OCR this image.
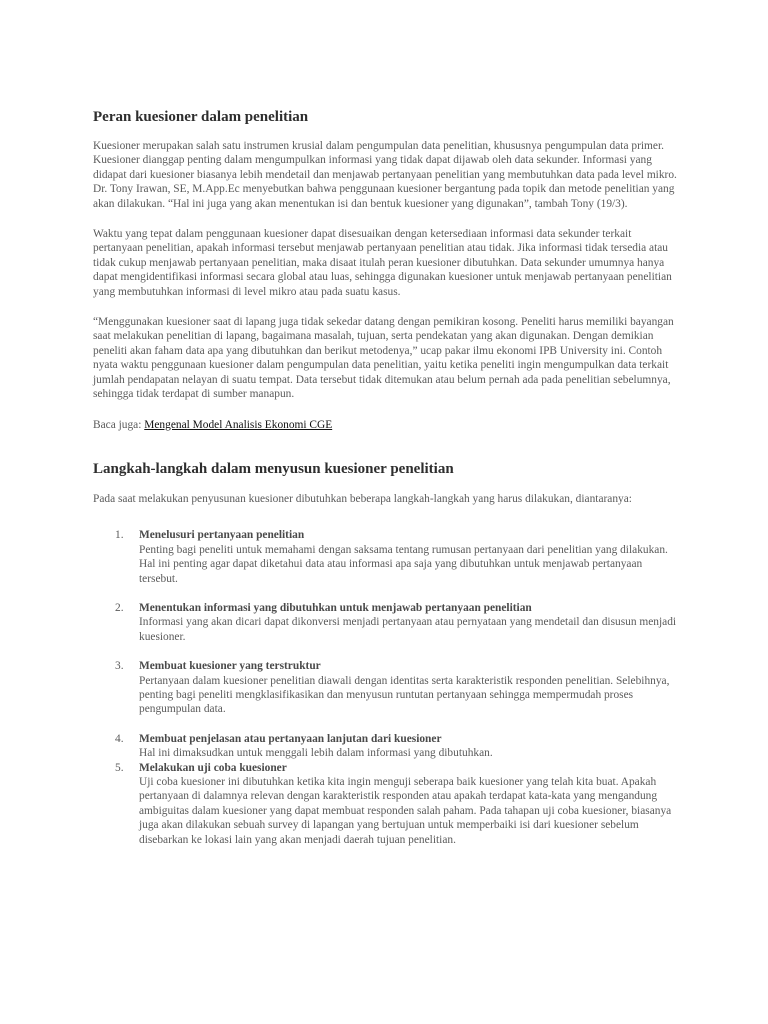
Peran kuesioner dalam penelitian

Kuesioner merupakan salah satu instrumen krusial dalam pengumpulan data penelitian, khususnya pengumpulan data primer. Kuesioner dianggap penting dalam mengumpulkan informasi yang tidak dapat dijawab oleh data sekunder. Informasi yang didapat dari kuesioner biasanya lebih mendetail dan menjawab pertanyaan penelitian yang membutuhkan data pada level mikro. Dr. Tony Irawan, SE, M.App.Ec menyebutkan bahwa penggunaan kuesioner bergantung pada topik dan metode penelitian yang akan dilakukan. “Hal ini juga yang akan menentukan isi dan bentuk kuesioner yang digunakan”, tambah Tony (19/3).

Waktu yang tepat dalam penggunaan kuesioner dapat disesuaikan dengan ketersediaan informasi data sekunder terkait pertanyaan penelitian, apakah informasi tersebut menjawab pertanyaan penelitian atau tidak. Jika informasi tidak tersedia atau tidak cukup menjawab pertanyaan penelitian, maka disaat itulah peran kuesioner dibutuhkan. Data sekunder umumnya hanya dapat mengidentifikasi informasi secara global atau luas, sehingga digunakan kuesioner untuk menjawab pertanyaan penelitian yang membutuhkan informasi di level mikro atau pada suatu kasus.

“Menggunakan kuesioner saat di lapang juga tidak sekedar datang dengan pemikiran kosong. Peneliti harus memiliki bayangan saat melakukan penelitian di lapang, bagaimana masalah, tujuan, serta pendekatan yang akan digunakan. Dengan demikian peneliti akan faham data apa yang dibutuhkan dan berikut metodenya,” ucap pakar ilmu ekonomi IPB University ini. Contoh nyata waktu penggunaan kuesioner dalam pengumpulan data penelitian, yaitu ketika peneliti ingin mengumpulkan data terkait jumlah pendapatan nelayan di suatu tempat. Data tersebut tidak ditemukan atau belum pernah ada pada penelitian sebelumnya, sehingga tidak terdapat di sumber manapun.

Baca juga: Mengenal Model Analisis Ekonomi CGE

Langkah-langkah dalam menyusun kuesioner penelitian

Pada saat melakukan penyusunan kuesioner dibutuhkan beberapa langkah-langkah yang harus dilakukan, diantaranya:

1. Menelusuri pertanyaan penelitian
Penting bagi peneliti untuk memahami dengan saksama tentang rumusan pertanyaan dari penelitian yang dilakukan. Hal ini penting agar dapat diketahui data atau informasi apa saja yang dibutuhkan untuk menjawab pertanyaan tersebut.
2. Menentukan informasi yang dibutuhkan untuk menjawab pertanyaan penelitian
Informasi yang akan dicari dapat dikonversi menjadi pertanyaan atau pernyataan yang mendetail dan disusun menjadi kuesioner.
3. Membuat kuesioner yang terstruktur
Pertanyaan dalam kuesioner penelitian diawali dengan identitas serta karakteristik responden penelitian. Selebihnya, penting bagi peneliti mengklasifikasikan dan menyusun runtutan pertanyaan sehingga mempermudah proses pengumpulan data.
4. Membuat penjelasan atau pertanyaan lanjutan dari kuesioner
Hal ini dimaksudkan untuk menggali lebih dalam informasi yang dibutuhkan.
5. Melakukan uji coba kuesioner
Uji coba kuesioner ini dibutuhkan ketika kita ingin menguji seberapa baik kuesioner yang telah kita buat. Apakah pertanyaan di dalamnya relevan dengan karakteristik responden atau apakah terdapat kata-kata yang mengandung ambiguitas dalam kuesioner yang dapat membuat responden salah paham. Pada tahapan uji coba kuesioner, biasanya juga akan dilakukan sebuah survey di lapangan yang bertujuan untuk memperbaiki isi dari kuesioner sebelum disebarkan ke lokasi lain yang akan menjadi daerah tujuan penelitian.
